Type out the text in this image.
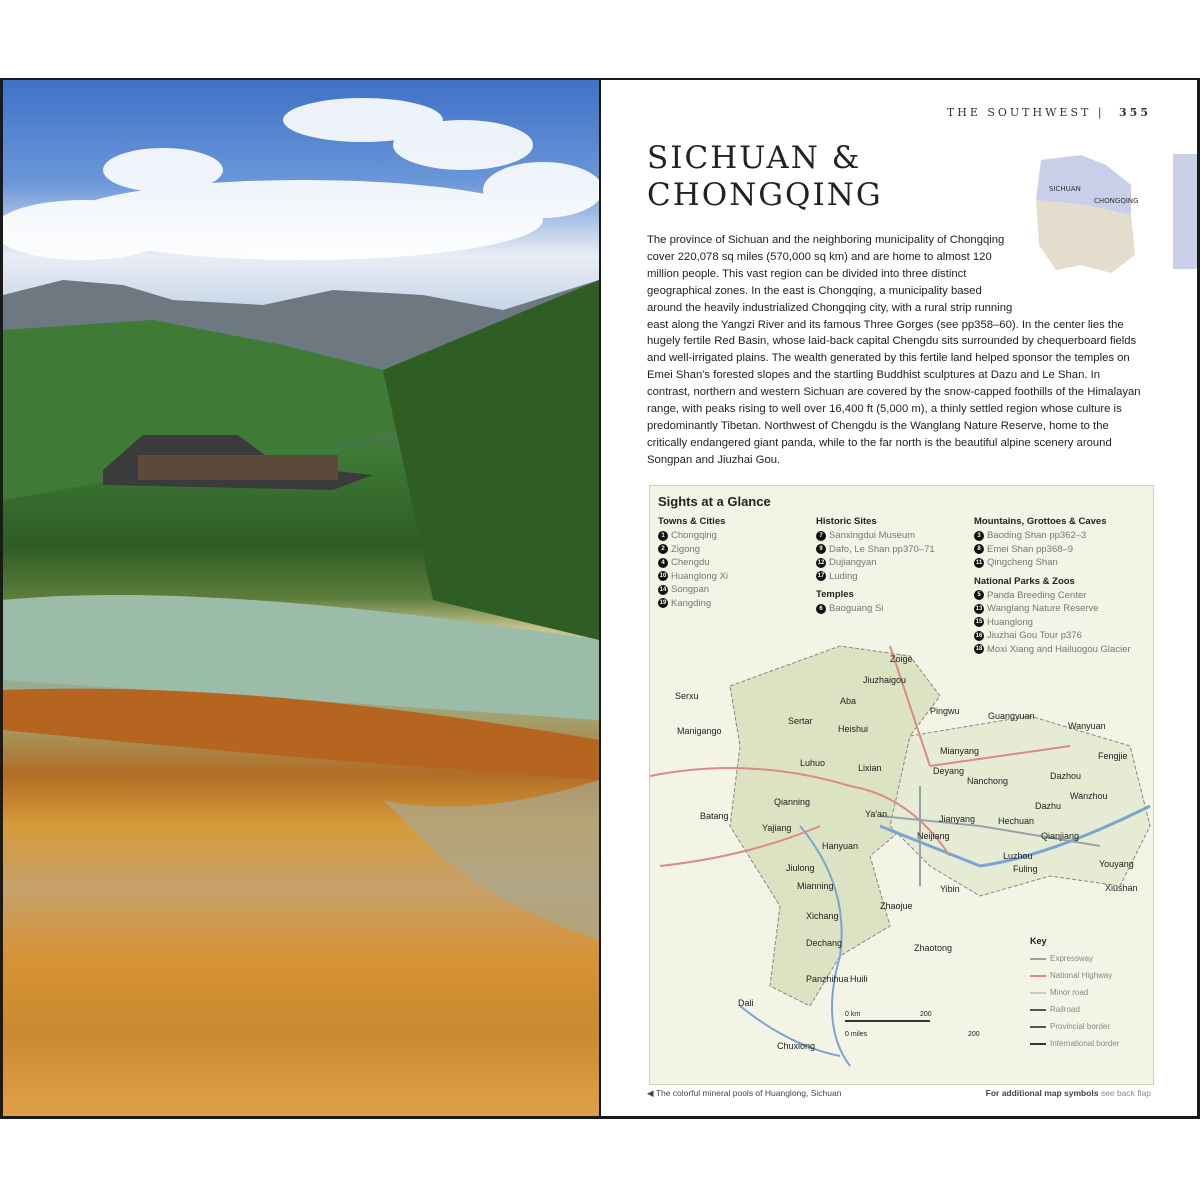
THE SOUTHWEST | 355
SICHUAN &
CHONGQING	SICHUAN
CHONGQING
The province of Sichuan and the neighboring municipality of Chongqing cover 220,078 sq miles (570,000 sq km) and are home to almost 120 million people. This vast region can be divided into three distinct geographical zones. In the east is Chongqing, a municipality based around the heavily industrialized Chongqing city, with a rural strip running east along the Yangzi River and its famous Three Gorges (see pp358–60). In the center lies the hugely fertile Red Basin, whose laid-back capital Chengdu sits surrounded by chequerboard fields and well-irrigated plains. The wealth generated by this fertile land helped sponsor the temples on Emei Shan's forested slopes and the startling Buddhist sculptures at Dazu and Le Shan. In contrast, northern and western Sichuan are covered by the snow-capped foothills of the Himalayan range, with peaks rising to well over 16,400 ft (5,000 m), a thinly settled region whose culture is predominantly Tibetan. Northwest of Chengdu is the Wanglang Nature Reserve, home to the critically endangered giant panda, while to the far north is the beautiful alpine scenery around Songpan and Jiuzhai Gou.
Sights at a Glance
Zoige
Jiuzhaigou
Aba
Serxu
Sertar
Pingwu	Guangyuan
Wanyuan
Heishui
Manigango
Mianyang	Fengjie
Luhuo	Lixian	Deyang	Dazhou
Nanchong
Wanzhou
Dazhu
Qianning
Batang	Ya'an	Jianyang	Hechuan
Yajiang
Neijiang	Qianjiang
Hanyuan
Jiulong
Luzhou
Fuling	Youyang
Xiushan
Mianning	Yibin
Zhaojue
Xichang
Dechang	Zhaotong
Panzhihua Huili
Dali
Chuxiong
0 km	200
0 miles	200
Key
Expressway
National Highway
Minor road
Railroad
Provincial border
International border
Towns & Cities
1 Chongqing
2 Zigong
4 Chengdu
10 Huanglong Xi
14 Songpan
19 Kangding
Historic Sites
7 Sanxingdui Museum
9 Dafo, Le Shan pp370–71
12 Dujiangyan
17 Luding
Temples
6 Baoguang Si
Mountains, Grottoes & Caves
3 Baoding Shan pp362–3
8 Emei Shan pp368–9
11 Qingcheng Shan
National Parks & Zoos
5 Panda Breeding Center
13 Wanglang Nature Reserve
15 Huanglong
16 Jiuzhai Gou Tour p376
18 Moxi Xiang and Hailuogou Glacier
◀ The colorful mineral pools of Huanglong, Sichuan	For additional map symbols see back flap
